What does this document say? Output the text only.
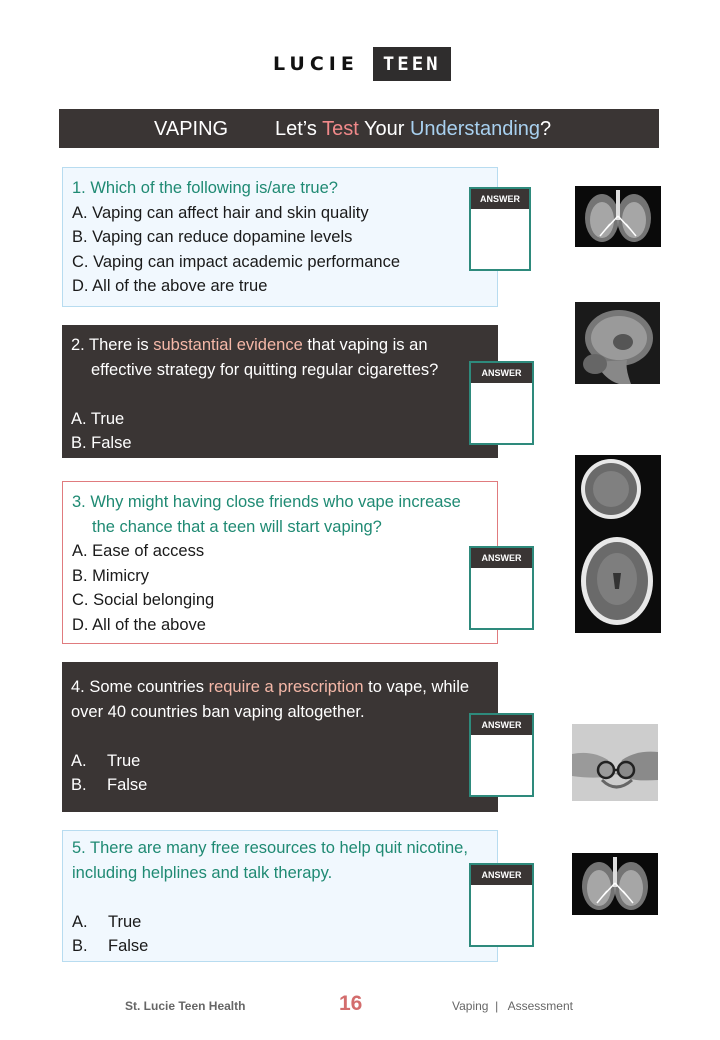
LUCIE	TEEN
VAPING Let’s Test Your Understanding?
1. Which of the following is/are true?
A. Vaping can affect hair and skin quality
B. Vaping can reduce dopamine levels
C. Vaping can impact academic performance
D. All of the above are true
ANSWER
2. There is substantial evidence that vaping is an
effective strategy for quitting regular cigarettes?
A. True
B. False
ANSWER
3. Why might having close friends who vape increase
the chance that a teen will start vaping?
A. Ease of access
B. Mimicry
C. Social belonging
D. All of the above
ANSWER
4. Some countries require a prescription to vape, while
over 40 countries ban vaping altogether.
A.	True
B.	False
ANSWER
5. There are many free resources to help quit nicotine,
including helplines and talk therapy.
A.	True
B.	False
ANSWER
St. Lucie Teen Health	16	Vaping  |   Assessment
